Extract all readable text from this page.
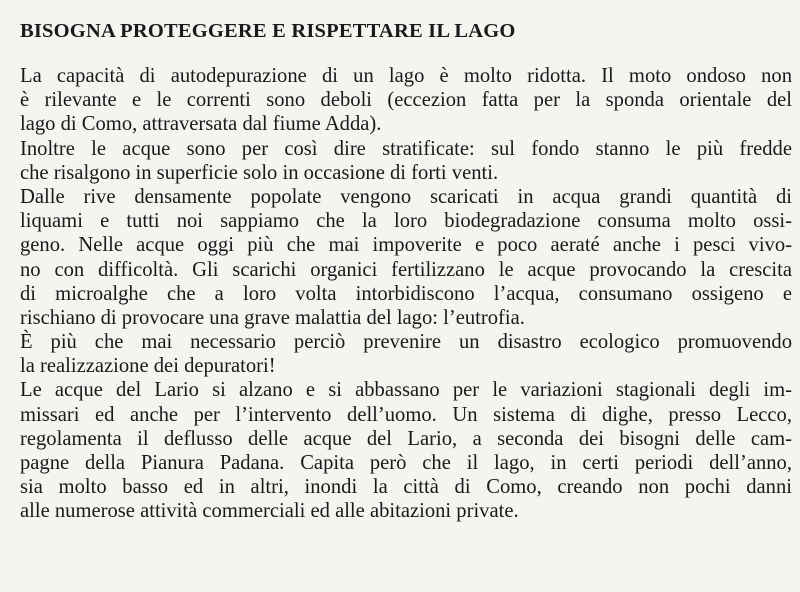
BISOGNA PROTEGGERE E RISPETTARE IL LAGO
La capacità di autodepurazione di un lago è molto ridotta. Il moto ondoso non
è rilevante e le correnti sono deboli (eccezion fatta per la sponda orientale del
lago di Como, attraversata dal fiume Adda).
Inoltre le acque sono per così dire stratificate: sul fondo stanno le più fredde
che risalgono in superficie solo in occasione di forti venti.
Dalle rive densamente popolate vengono scaricati in acqua grandi quantità di
liquami e tutti noi sappiamo che la loro biodegradazione consuma molto ossi-
geno. Nelle acque oggi più che mai impoverite e poco aeraté anche i pesci vivo-
no con difficoltà. Gli scarichi organici fertilizzano le acque provocando la crescita
di microalghe che a loro volta intorbidiscono l’acqua, consumano ossigeno e
rischiano di provocare una grave malattia del lago: l’eutrofia.
È più che mai necessario perciò prevenire un disastro ecologico promuovendo
la realizzazione dei depuratori!
Le acque del Lario si alzano e si abbassano per le variazioni stagionali degli im-
missari ed anche per l’intervento dell’uomo. Un sistema di dighe, presso Lecco,
regolamenta il deflusso delle acque del Lario, a seconda dei bisogni delle cam-
pagne della Pianura Padana. Capita però che il lago, in certi periodi dell’anno,
sia molto basso ed in altri, inondi la città di Como, creando non pochi danni
alle numerose attività commerciali ed alle abitazioni private.
